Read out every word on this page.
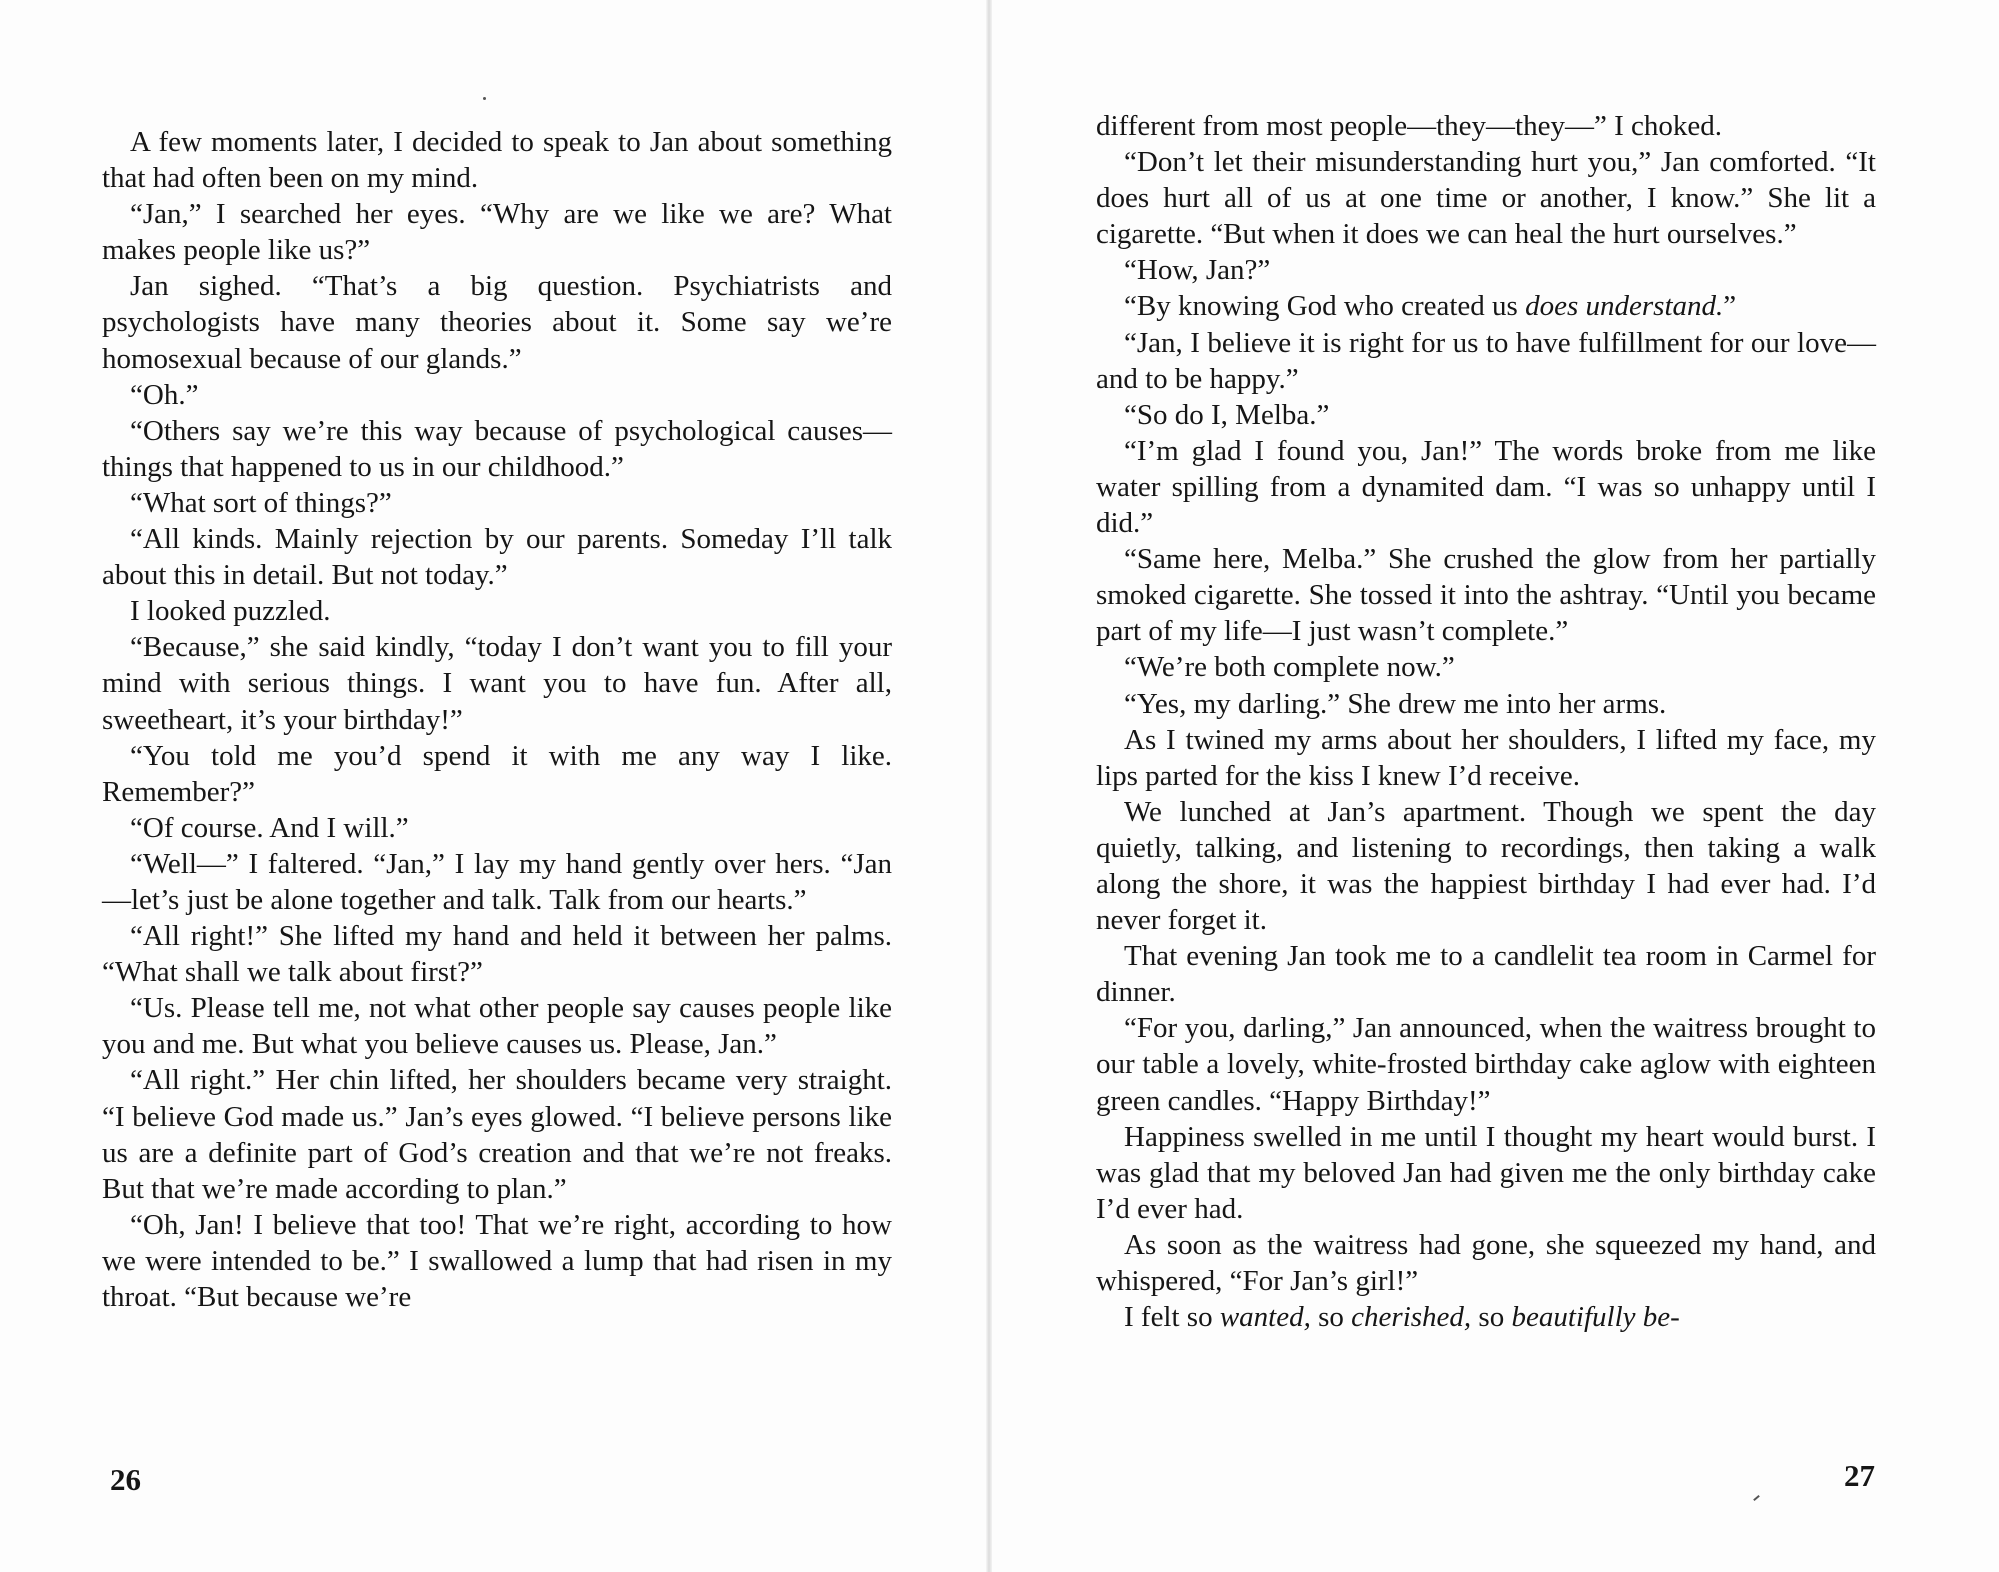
A few moments later, I decided to speak to Jan about something that had often been on my mind.

“Jan,” I searched her eyes. “Why are we like we are? What makes people like us?”

Jan sighed. “That’s a big question. Psychiatrists and psychologists have many theories about it. Some say we’re homosexual because of our glands.”

“Oh.”

“Others say we’re this way because of psychological causes—things that happened to us in our childhood.”

“What sort of things?”

“All kinds. Mainly rejection by our parents. Someday I’ll talk about this in detail. But not today.”

I looked puzzled.

“Because,” she said kindly, “today I don’t want you to fill your mind with serious things. I want you to have fun. After all, sweetheart, it’s your birthday!”

“You told me you’d spend it with me any way I like. Remember?”

“Of course. And I will.”

“Well—” I faltered. “Jan,” I lay my hand gently over hers. “Jan—let’s just be alone together and talk. Talk from our hearts.”

“All right!” She lifted my hand and held it between her palms. “What shall we talk about first?”

“Us. Please tell me, not what other people say causes people like you and me. But what you believe causes us. Please, Jan.”

“All right.” Her chin lifted, her shoulders became very straight. “I believe God made us.” Jan’s eyes glowed. “I believe persons like us are a definite part of God’s creation and that we’re not freaks. But that we’re made according to plan.”

“Oh, Jan! I believe that too! That we’re right, according to how we were intended to be.” I swallowed a lump that had risen in my throat. “But because we’re

26

different from most people—they—they—” I choked.

“Don’t let their misunderstanding hurt you,” Jan comforted. “It does hurt all of us at one time or another, I know.” She lit a cigarette. “But when it does we can heal the hurt ourselves.”

“How, Jan?”

“By knowing God who created us does understand.”

“Jan, I believe it is right for us to have fulfillment for our love—and to be happy.”

“So do I, Melba.”

“I’m glad I found you, Jan!” The words broke from me like water spilling from a dynamited dam. “I was so unhappy until I did.”

“Same here, Melba.” She crushed the glow from her partially smoked cigarette. She tossed it into the ashtray. “Until you became part of my life—I just wasn’t complete.”

“We’re both complete now.”

“Yes, my darling.” She drew me into her arms.

As I twined my arms about her shoulders, I lifted my face, my lips parted for the kiss I knew I’d receive.

We lunched at Jan’s apartment. Though we spent the day quietly, talking, and listening to recordings, then taking a walk along the shore, it was the happiest birthday I had ever had. I’d never forget it.

That evening Jan took me to a candlelit tea room in Carmel for dinner.

“For you, darling,” Jan announced, when the waitress brought to our table a lovely, white-frosted birthday cake aglow with eighteen green candles. “Happy Birthday!”

Happiness swelled in me until I thought my heart would burst. I was glad that my beloved Jan had given me the only birthday cake I’d ever had.

As soon as the waitress had gone, she squeezed my hand, and whispered, “For Jan’s girl!”

I felt so wanted, so cherished, so beautifully be-

27
